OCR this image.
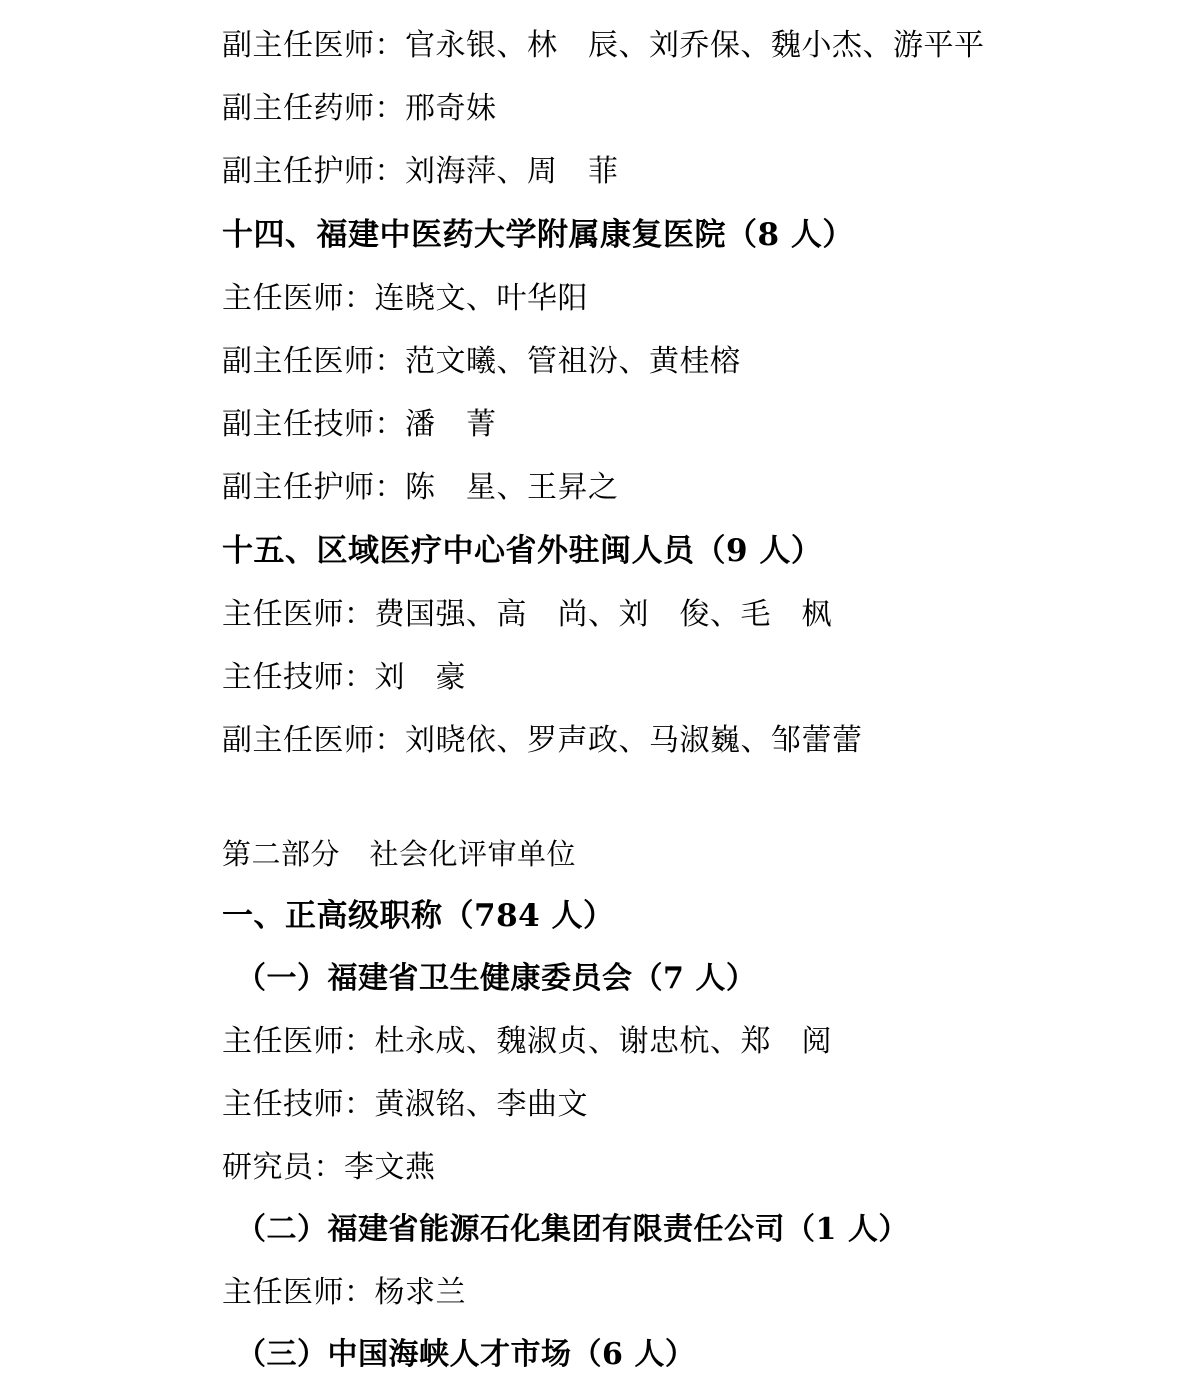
副主任医师：官永银、林　辰、刘乔保、魏小杰、游平平
副主任药师：邢奇妹
副主任护师：刘海萍、周　菲
十四、福建中医药大学附属康复医院（8 人）
主任医师：连晓文、叶华阳
副主任医师：范文曦、管祖汾、黄桂榕
副主任技师：潘　菁
副主任护师：陈　星、王昇之
十五、区域医疗中心省外驻闽人员（9 人）
主任医师：费国强、高　尚、刘　俊、毛　枫
主任技师：刘　豪
副主任医师：刘晓依、罗声政、马淑巍、邹蕾蕾
第二部分　社会化评审单位
一、正高级职称（784 人）
（一）福建省卫生健康委员会（7 人）
主任医师：杜永成、魏淑贞、谢忠杭、郑　阅
主任技师：黄淑铭、李曲文
研究员：李文燕
（二）福建省能源石化集团有限责任公司（1 人）
主任医师：杨求兰
（三）中国海峡人才市场（6 人）
